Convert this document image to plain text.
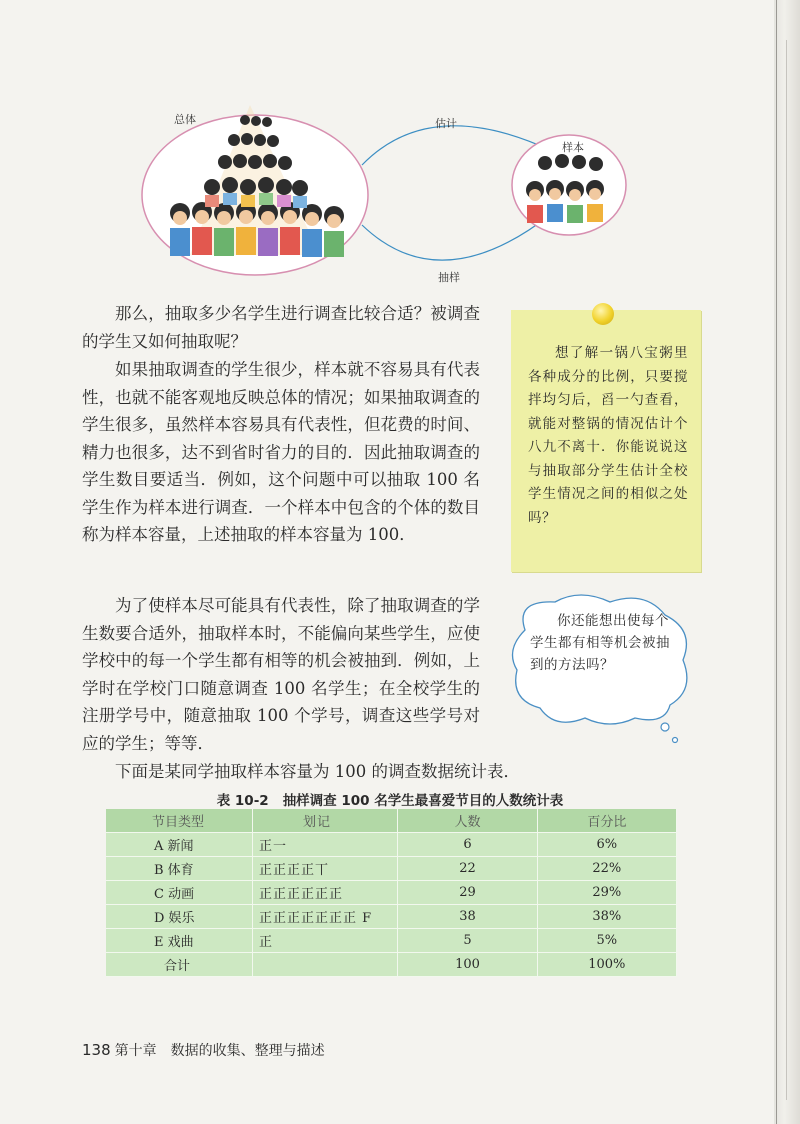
总体	估计
样本
抽样

那么，抽取多少名学生进行调查比较合适？被调查的学生又如何抽取呢？

如果抽取调查的学生很少，样本就不容易具有代表性，也就不能客观地反映总体的情况；如果抽取调查的学生很多，虽然样本容易具有代表性，但花费的时间、精力也很多，达不到省时省力的目的．因此抽取调查的学生数目要适当．例如，这个问题中可以抽取 100 名学生作为样本进行调查．一个样本中包含的个体的数目称为样本容量，上述抽取的样本容量为 100．

为了使样本尽可能具有代表性，除了抽取调查的学生数要合适外，抽取样本时，不能偏向某些学生，应使学校中的每一个学生都有相等的机会被抽到．例如，上学时在学校门口随意调查 100 名学生；在全校学生的注册学号中，随意抽取 100 个学号，调查这些学号对应的学生；等等．

下面是某同学抽取样本容量为 100 的调查数据统计表．

想了解一锅八宝粥里各种成分的比例，只要搅拌均匀后，舀一勺查看，就能对整锅的情况估计个八九不离十．你能说说这与抽取部分学生估计全校学生情况之间的相似之处吗？

你还能想出使每个学生都有相等机会被抽到的方法吗？

表 10-2 抽样调查 100 名学生最喜爱节目的人数统计表

节目类型	划记	人数	百分比
A 新闻	正一	6	6%
B 体育	正正正正丅	22	22%
C 动画	正正正正正正	29	29%
D 娱乐	正正正正正正正 F	38	38%
E 戏曲	正	5	5%
合计		100	100%

138 第十章 数据的收集、整理与描述
